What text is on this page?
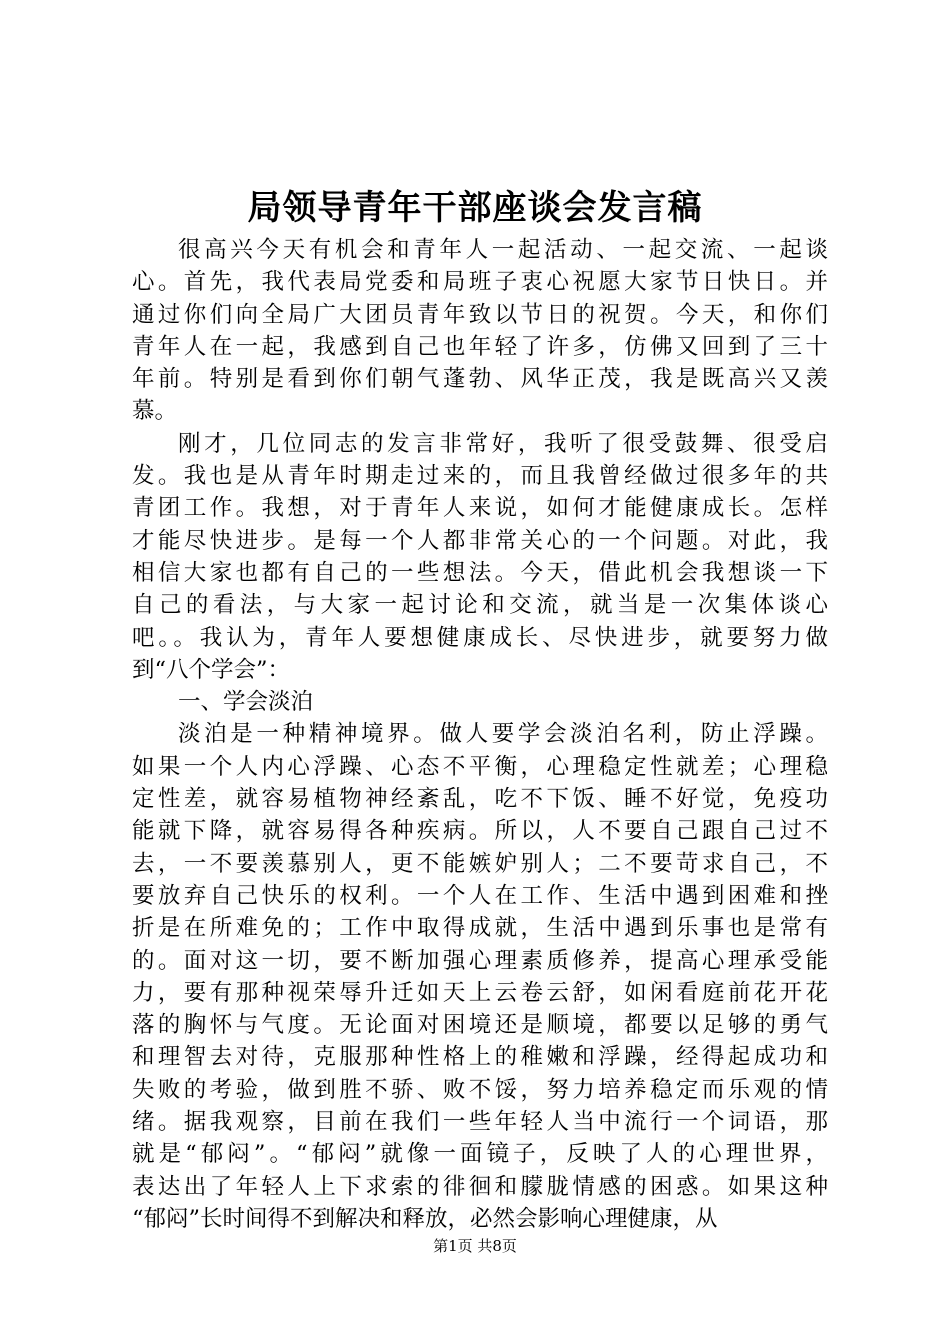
局领导青年干部座谈会发言稿
很高兴今天有机会和青年人一起活动、一起交流、一起谈
心。首先，我代表局党委和局班子衷心祝愿大家节日快日。并
通过你们向全局广大团员青年致以节日的祝贺。今天，和你们
青年人在一起，我感到自己也年轻了许多，仿佛又回到了三十
年前。特别是看到你们朝气蓬勃、风华正茂，我是既高兴又羡
慕。
刚才，几位同志的发言非常好，我听了很受鼓舞、很受启
发。我也是从青年时期走过来的，而且我曾经做过很多年的共
青团工作。我想，对于青年人来说，如何才能健康成长。怎样
才能尽快进步。是每一个人都非常关心的一个问题。对此，我
相信大家也都有自己的一些想法。今天，借此机会我想谈一下
自己的看法，与大家一起讨论和交流，就当是一次集体谈心
吧。。我认为，青年人要想健康成长、尽快进步，就要努力做
到“八个学会”：
一、学会淡泊
淡泊是一种精神境界。做人要学会淡泊名利，防止浮躁。
如果一个人内心浮躁、心态不平衡，心理稳定性就差；心理稳
定性差，就容易植物神经紊乱，吃不下饭、睡不好觉，免疫功
能就下降，就容易得各种疾病。所以，人不要自己跟自己过不
去，一不要羡慕别人，更不能嫉妒别人；二不要苛求自己，不
要放弃自己快乐的权利。一个人在工作、生活中遇到困难和挫
折是在所难免的；工作中取得成就，生活中遇到乐事也是常有
的。面对这一切，要不断加强心理素质修养，提高心理承受能
力，要有那种视荣辱升迁如天上云卷云舒，如闲看庭前花开花
落的胸怀与气度。无论面对困境还是顺境，都要以足够的勇气
和理智去对待，克服那种性格上的稚嫩和浮躁，经得起成功和
失败的考验，做到胜不骄、败不馁，努力培养稳定而乐观的情
绪。据我观察，目前在我们一些年轻人当中流行一个词语，那
就是“郁闷”。“郁闷”就像一面镜子，反映了人的心理世界，
表达出了年轻人上下求索的徘徊和朦胧情感的困惑。如果这种
“郁闷”长时间得不到解决和释放，必然会影响心理健康，从
第1页 共8页
